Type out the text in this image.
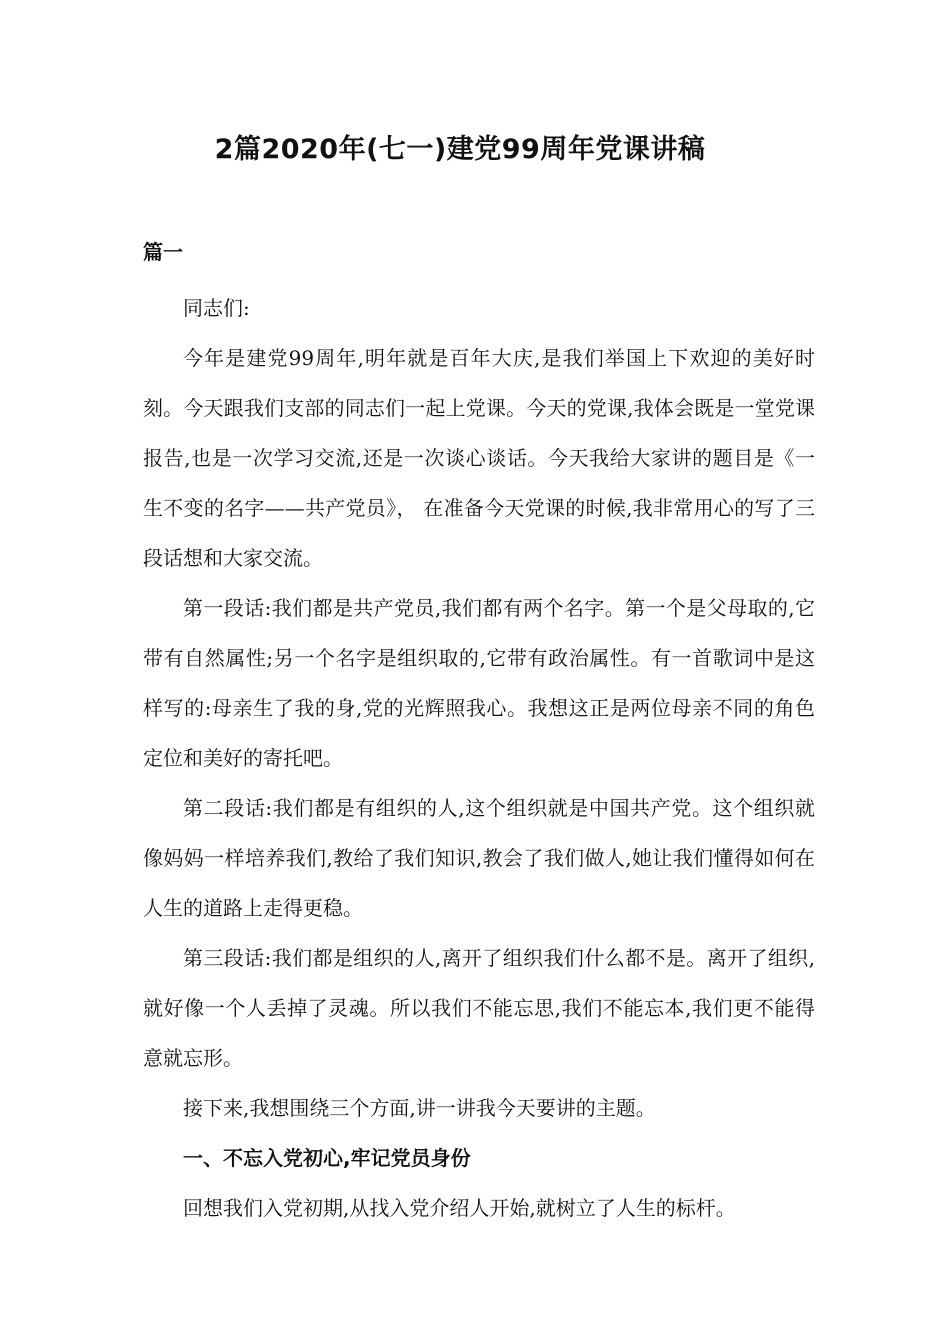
2篇2020年(七一)建党99周年党课讲稿
篇一

同志们:

今年是建党99周年,明年就是百年大庆,是我们举国上下欢迎的美好时刻。今天跟我们支部的同志们一起上党课。今天的党课,我体会既是一堂党课报告,也是一次学习交流,还是一次谈心谈话。今天我给大家讲的题目是《一生不变的名字——共产党员》， 在准备今天党课的时候,我非常用心的写了三段话想和大家交流。

第一段话:我们都是共产党员,我们都有两个名字。第一个是父母取的,它带有自然属性;另一个名字是组织取的,它带有政治属性。有一首歌词中是这样写的:母亲生了我的身,党的光辉照我心。我想这正是两位母亲不同的角色定位和美好的寄托吧。

第二段话:我们都是有组织的人,这个组织就是中国共产党。这个组织就像妈妈一样培养我们,教给了我们知识,教会了我们做人,她让我们懂得如何在人生的道路上走得更稳。

第三段话:我们都是组织的人,离开了组织我们什么都不是。离开了组织,就好像一个人丢掉了灵魂。所以我们不能忘思,我们不能忘本,我们更不能得意就忘形。

接下来,我想围绕三个方面,讲一讲我今天要讲的主题。

一、不忘入党初心,牢记党员身份

回想我们入党初期,从找入党介绍人开始,就树立了人生的标杆。
